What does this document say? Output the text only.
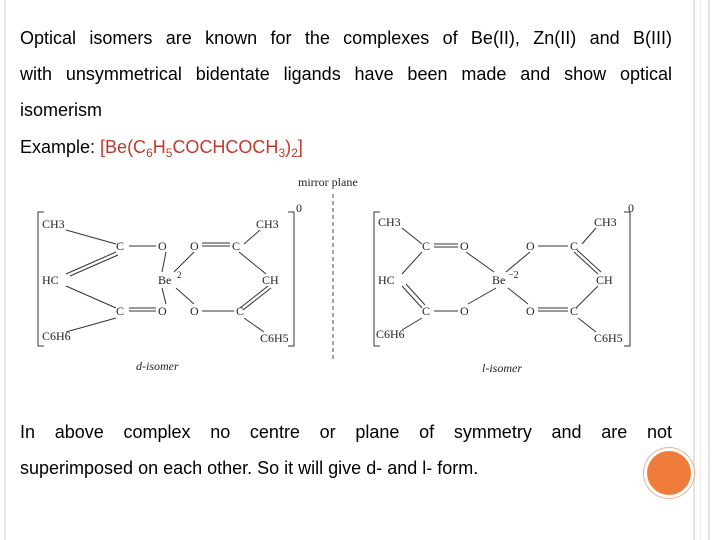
Optical isomers are known for the complexes of Be(II), Zn(II) and B(III)
with unsymmetrical bidentate ligands have been made and show optical
isomerism

Example: $[Be(C_6H_5COCHCOCH_3)_2]$
mirror plane
0
CH3	CH3
C	O O	C
HC	Be 2	CH
C	O O	C
C6H6	C6H5
d-isomer
0
CH3	CH3
C O	O	C
HC	Be −2	CH
C O	O	C
C6H6	C6H5
l-isomer

In above complex no centre or plane of symmetry and are not
superimposed on each other. So it will give d- and l- form.
